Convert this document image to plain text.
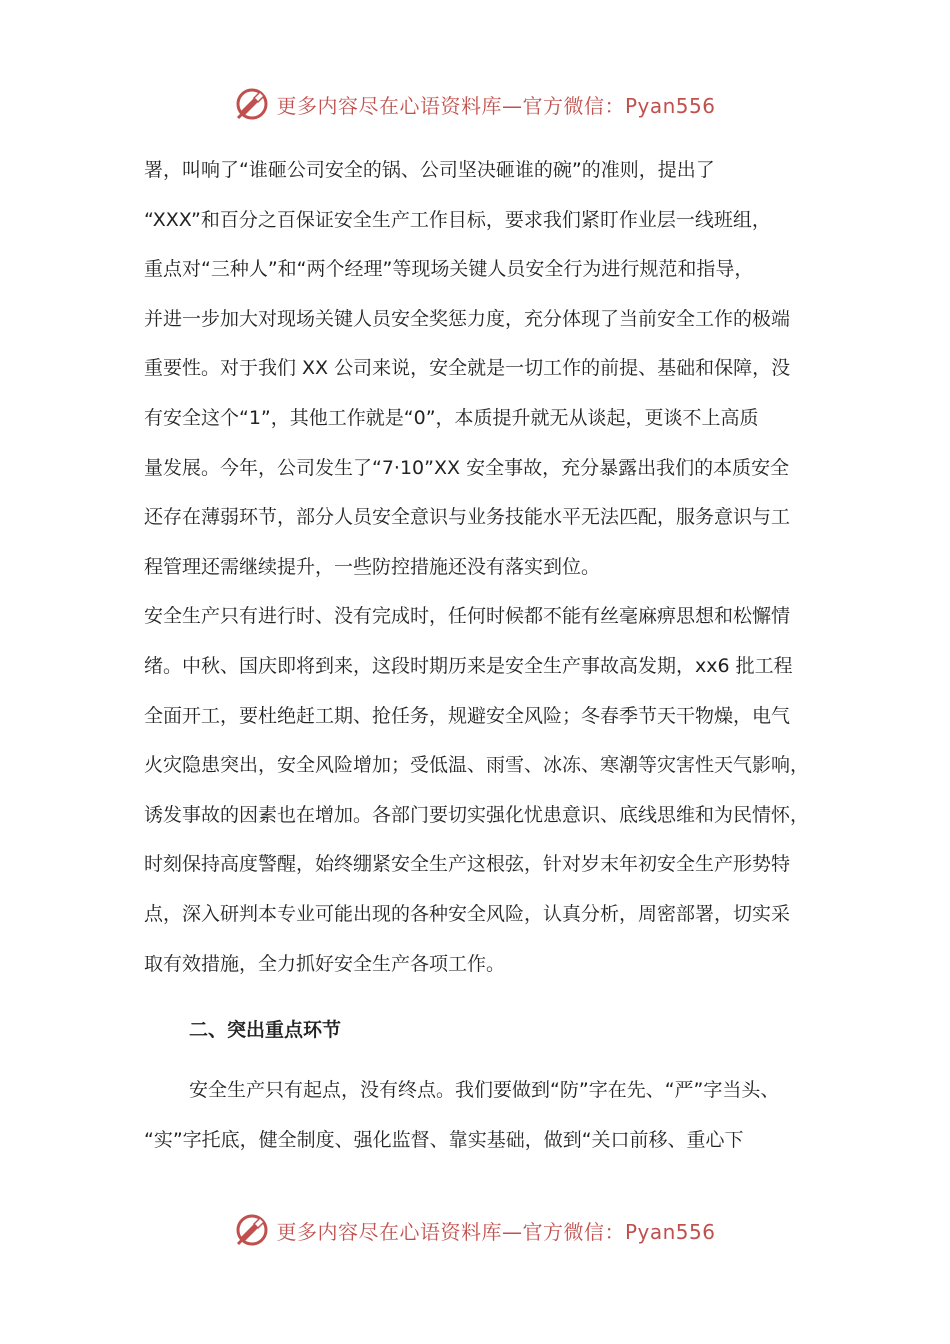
更多内容尽在心语资料库—官方微信：Pyan556
署，叫响了“谁砸公司安全的锅、公司坚决砸谁的碗”的准则，提出了
“XXX”和百分之百保证安全生产工作目标，要求我们紧盯作业层一线班组，
重点对“三种人”和“两个经理”等现场关键人员安全行为进行规范和指导，
并进一步加大对现场关键人员安全奖惩力度，充分体现了当前安全工作的极端
重要性。对于我们 XX 公司来说，安全就是一切工作的前提、基础和保障，没
有安全这个“1”，其他工作就是“0”，本质提升就无从谈起，更谈不上高质
量发展。今年，公司发生了“7·10”XX 安全事故，充分暴露出我们的本质安全
还存在薄弱环节，部分人员安全意识与业务技能水平无法匹配，服务意识与工
程管理还需继续提升，一些防控措施还没有落实到位。
安全生产只有进行时、没有完成时，任何时候都不能有丝毫麻痹思想和松懈情
绪。中秋、国庆即将到来，这段时期历来是安全生产事故高发期，xx6 批工程
全面开工，要杜绝赶工期、抢任务，规避安全风险；冬春季节天干物燥，电气
火灾隐患突出，安全风险增加；受低温、雨雪、冰冻、寒潮等灾害性天气影响，
诱发事故的因素也在增加。各部门要切实强化忧患意识、底线思维和为民情怀，
时刻保持高度警醒，始终绷紧安全生产这根弦，针对岁末年初安全生产形势特
点，深入研判本专业可能出现的各种安全风险，认真分析，周密部署，切实采
取有效措施，全力抓好安全生产各项工作。
二、突出重点环节
安全生产只有起点，没有终点。我们要做到“防”字在先、“严”字当头、
“实”字托底，健全制度、强化监督、靠实基础，做到“关口前移、重心下
更多内容尽在心语资料库—官方微信：Pyan556
